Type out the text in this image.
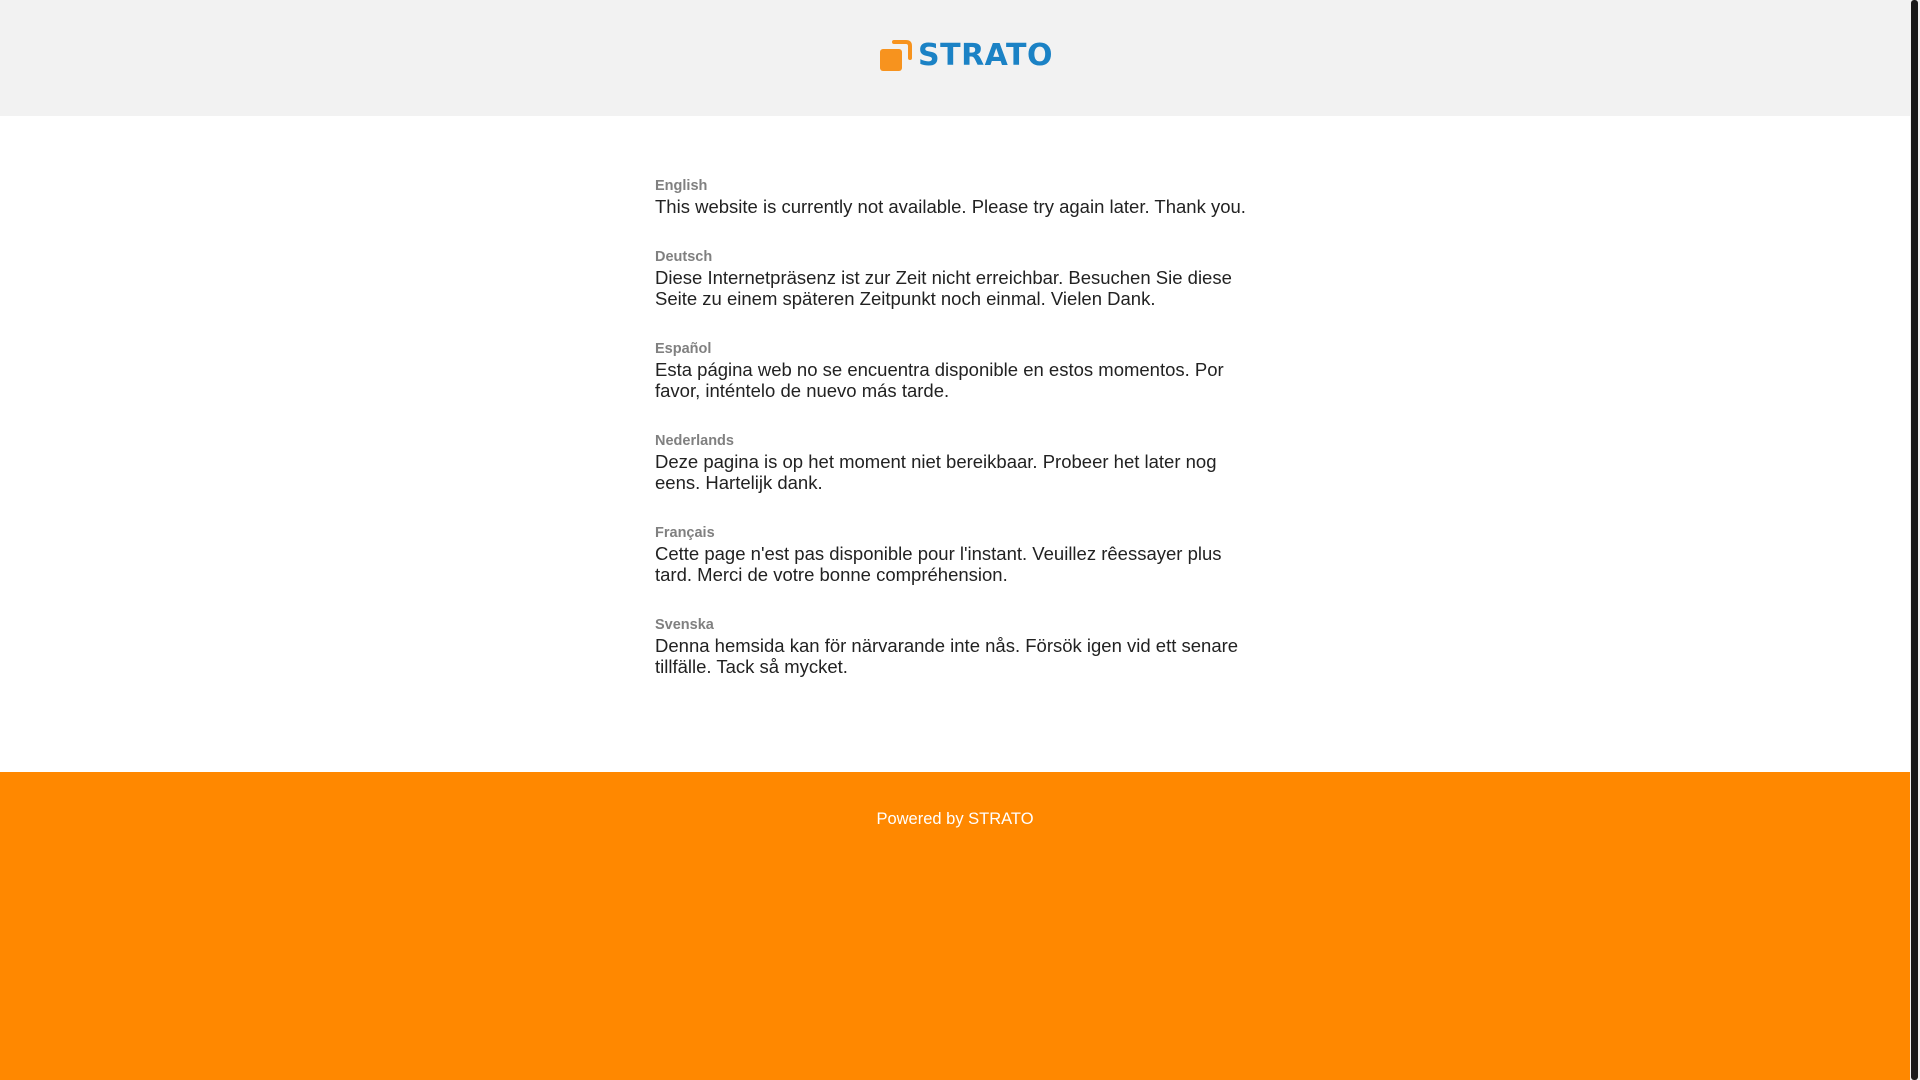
STRATO
English
This website is currently not available. Please try again later. Thank you.
Deutsch
Diese Internetpräsenz ist zur Zeit nicht erreichbar. Besuchen Sie diese Seite zu einem späteren Zeitpunkt noch einmal. Vielen Dank.
Español
Esta página web no se encuentra disponible en estos momentos. Por favor, inténtelo de nuevo más tarde.
Nederlands
Deze pagina is op het moment niet bereikbaar. Probeer het later nog eens. Hartelijk dank.
Français
Cette page n'est pas disponible pour l'instant. Veuillez rêessayer plus tard. Merci de votre bonne compréhension.
Svenska
Denna hemsida kan för närvarande inte nås. Försök igen vid ett senare tillfälle. Tack så mycket.
Powered by STRATO
